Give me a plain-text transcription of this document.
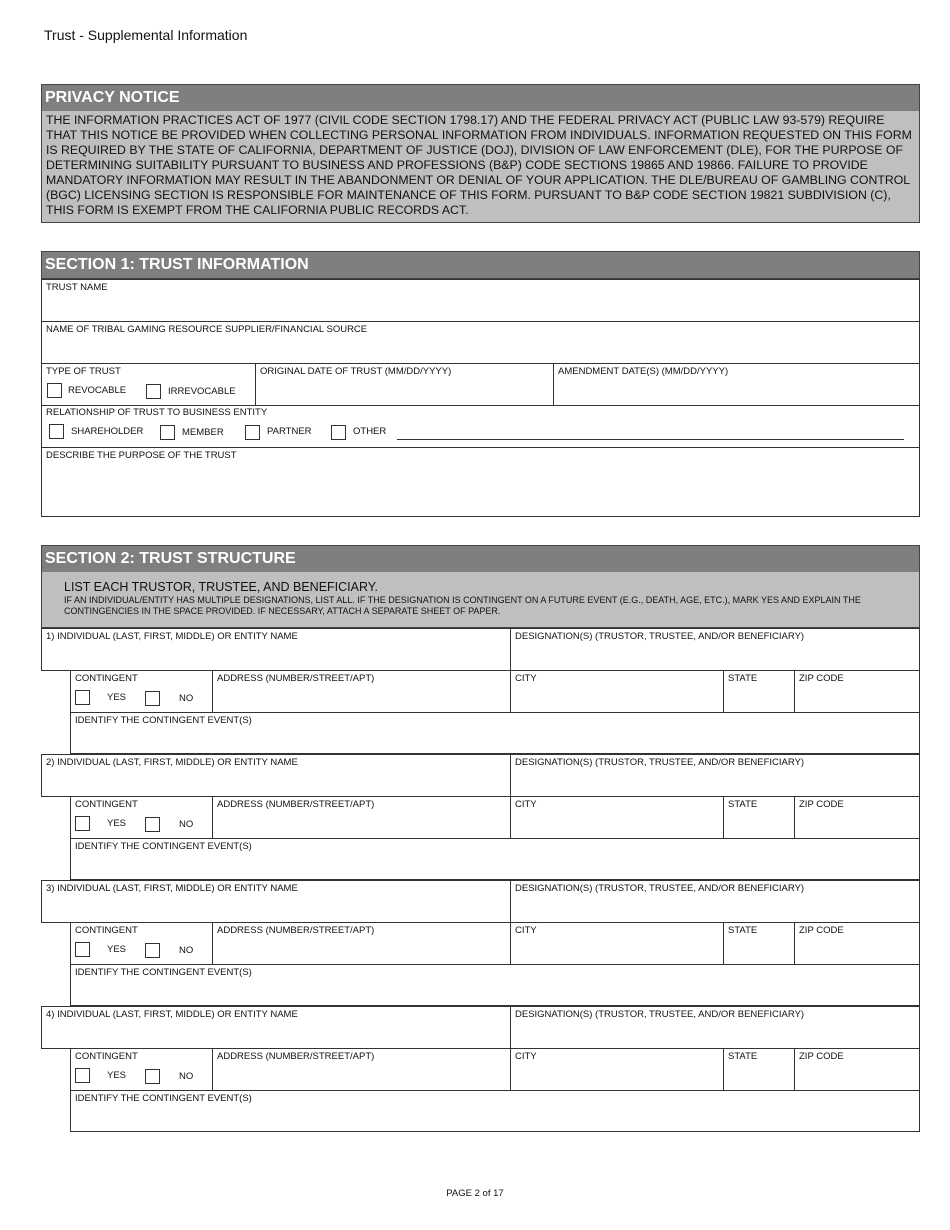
Trust - Supplemental Information
PRIVACY NOTICE
THE INFORMATION PRACTICES ACT OF 1977 (CIVIL CODE SECTION 1798.17) AND THE FEDERAL PRIVACY ACT (PUBLIC LAW 93-579) REQUIRE THAT THIS NOTICE BE PROVIDED WHEN COLLECTING PERSONAL INFORMATION FROM INDIVIDUALS. INFORMATION REQUESTED ON THIS FORM IS REQUIRED BY THE STATE OF CALIFORNIA, DEPARTMENT OF JUSTICE (DOJ), DIVISION OF LAW ENFORCEMENT (DLE), FOR THE PURPOSE OF DETERMINING SUITABILITY PURSUANT TO BUSINESS AND PROFESSIONS (B&P) CODE SECTIONS 19865 AND 19866. FAILURE TO PROVIDE MANDATORY INFORMATION MAY RESULT IN THE ABANDONMENT OR DENIAL OF YOUR APPLICATION. THE DLE/BUREAU OF GAMBLING CONTROL (BGC) LICENSING SECTION IS RESPONSIBLE FOR MAINTENANCE OF THIS FORM. PURSUANT TO B&P CODE SECTION 19821 SUBDIVISION (C), THIS FORM IS EXEMPT FROM THE CALIFORNIA PUBLIC RECORDS ACT.
SECTION 1: TRUST INFORMATION
TRUST NAME
NAME OF TRIBAL GAMING RESOURCE SUPPLIER/FINANCIAL SOURCE
TYPE OF TRUST
REVOCABLE	IRREVOCABLE
ORIGINAL DATE OF TRUST (MM/DD/YYYY)	AMENDMENT DATE(S) (MM/DD/YYYY)
RELATIONSHIP OF TRUST TO BUSINESS ENTITY
SHAREHOLDER	MEMBER	PARTNER	OTHER
DESCRIBE THE PURPOSE OF THE TRUST
SECTION 2: TRUST STRUCTURE
LIST EACH TRUSTOR, TRUSTEE, AND BENEFICIARY.
IF AN INDIVIDUAL/ENTITY HAS MULTIPLE DESIGNATIONS, LIST ALL. IF THE DESIGNATION IS CONTINGENT ON A FUTURE EVENT (E.G., DEATH, AGE, ETC.), MARK YES AND EXPLAIN THE CONTINGENCIES IN THE SPACE PROVIDED. IF NECESSARY, ATTACH A SEPARATE SHEET OF PAPER.
1) INDIVIDUAL (LAST, FIRST, MIDDLE) OR ENTITY NAME	DESIGNATION(S) (TRUSTOR, TRUSTEE, AND/OR BENEFICIARY)
CONTINGENT
YES	NO
ADDRESS (NUMBER/STREET/APT)	CITY	STATE	ZIP CODE
IDENTIFY THE CONTINGENT EVENT(S)
2) INDIVIDUAL (LAST, FIRST, MIDDLE) OR ENTITY NAME	DESIGNATION(S) (TRUSTOR, TRUSTEE, AND/OR BENEFICIARY)
CONTINGENT
YES	NO
ADDRESS (NUMBER/STREET/APT)	CITY	STATE	ZIP CODE
IDENTIFY THE CONTINGENT EVENT(S)
3) INDIVIDUAL (LAST, FIRST, MIDDLE) OR ENTITY NAME	DESIGNATION(S) (TRUSTOR, TRUSTEE, AND/OR BENEFICIARY)
CONTINGENT
YES	NO
ADDRESS (NUMBER/STREET/APT)	CITY	STATE	ZIP CODE
IDENTIFY THE CONTINGENT EVENT(S)
4) INDIVIDUAL (LAST, FIRST, MIDDLE) OR ENTITY NAME	DESIGNATION(S) (TRUSTOR, TRUSTEE, AND/OR BENEFICIARY)
CONTINGENT
YES	NO
ADDRESS (NUMBER/STREET/APT)	CITY	STATE	ZIP CODE
IDENTIFY THE CONTINGENT EVENT(S)
PAGE 2 of 17
